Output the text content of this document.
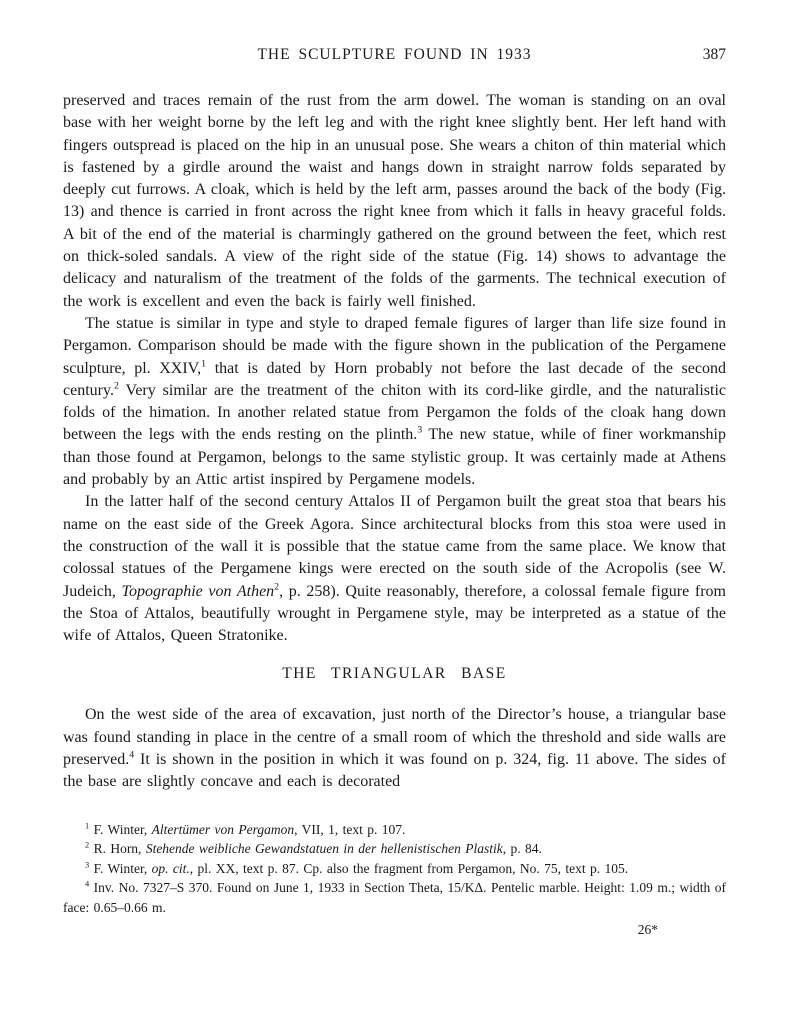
THE SCULPTURE FOUND IN 1933	387

preserved and traces remain of the rust from the arm dowel. The woman is standing on an oval base with her weight borne by the left leg and with the right knee slightly bent. Her left hand with fingers outspread is placed on the hip in an unusual pose. She wears a chiton of thin material which is fastened by a girdle around the waist and hangs down in straight narrow folds separated by deeply cut furrows. A cloak, which is held by the left arm, passes around the back of the body (Fig. 13) and thence is carried in front across the right knee from which it falls in heavy graceful folds. A bit of the end of the material is charmingly gathered on the ground between the feet, which rest on thick-soled sandals. A view of the right side of the statue (Fig. 14) shows to advantage the delicacy and naturalism of the treatment of the folds of the garments. The technical execution of the work is excellent and even the back is fairly well finished.

The statue is similar in type and style to draped female figures of larger than life size found in Pergamon. Comparison should be made with the figure shown in the publication of the Pergamene sculpture, pl. XXIV,$^1$ that is dated by Horn probably not before the last decade of the second century.$^2$ Very similar are the treatment of the chiton with its cord-like girdle, and the naturalistic folds of the himation. In another related statue from Pergamon the folds of the cloak hang down between the legs with the ends resting on the plinth.$^3$ The new statue, while of finer workmanship than those found at Pergamon, belongs to the same stylistic group. It was certainly made at Athens and probably by an Attic artist inspired by Pergamene models.

In the latter half of the second century Attalos II of Pergamon built the great stoa that bears his name on the east side of the Greek Agora. Since architectural blocks from this stoa were used in the construction of the wall it is possible that the statue came from the same place. We know that colossal statues of the Pergamene kings were erected on the south side of the Acropolis (see W. Judeich, Topographie von Athen$^2$, p. 258). Quite reasonably, therefore, a colossal female figure from the Stoa of Attalos, beautifully wrought in Pergamene style, may be interpreted as a statue of the wife of Attalos, Queen Stratonike.

THE TRIANGULAR BASE

On the west side of the area of excavation, just north of the Director’s house, a triangular base was found standing in place in the centre of a small room of which the threshold and side walls are preserved.$^4$ It is shown in the position in which it was found on p. 324, fig. 11 above. The sides of the base are slightly concave and each is decorated

$^1$ F. Winter, Altertümer von Pergamon, VII, 1, text p. 107.

$^2$ R. Horn, Stehende weibliche Gewandstatuen in der hellenistischen Plastik, p. 84.

$^3$ F. Winter, op. cit., pl. XX, text p. 87. Cp. also the fragment from Pergamon, No. 75, text p. 105.

$^4$ Inv. No. 7327–S 370. Found on June 1, 1933 in Section Theta, 15/ΚΔ. Pentelic marble. Height: 1.09 m.; width of face: 0.65–0.66 m.

26*
